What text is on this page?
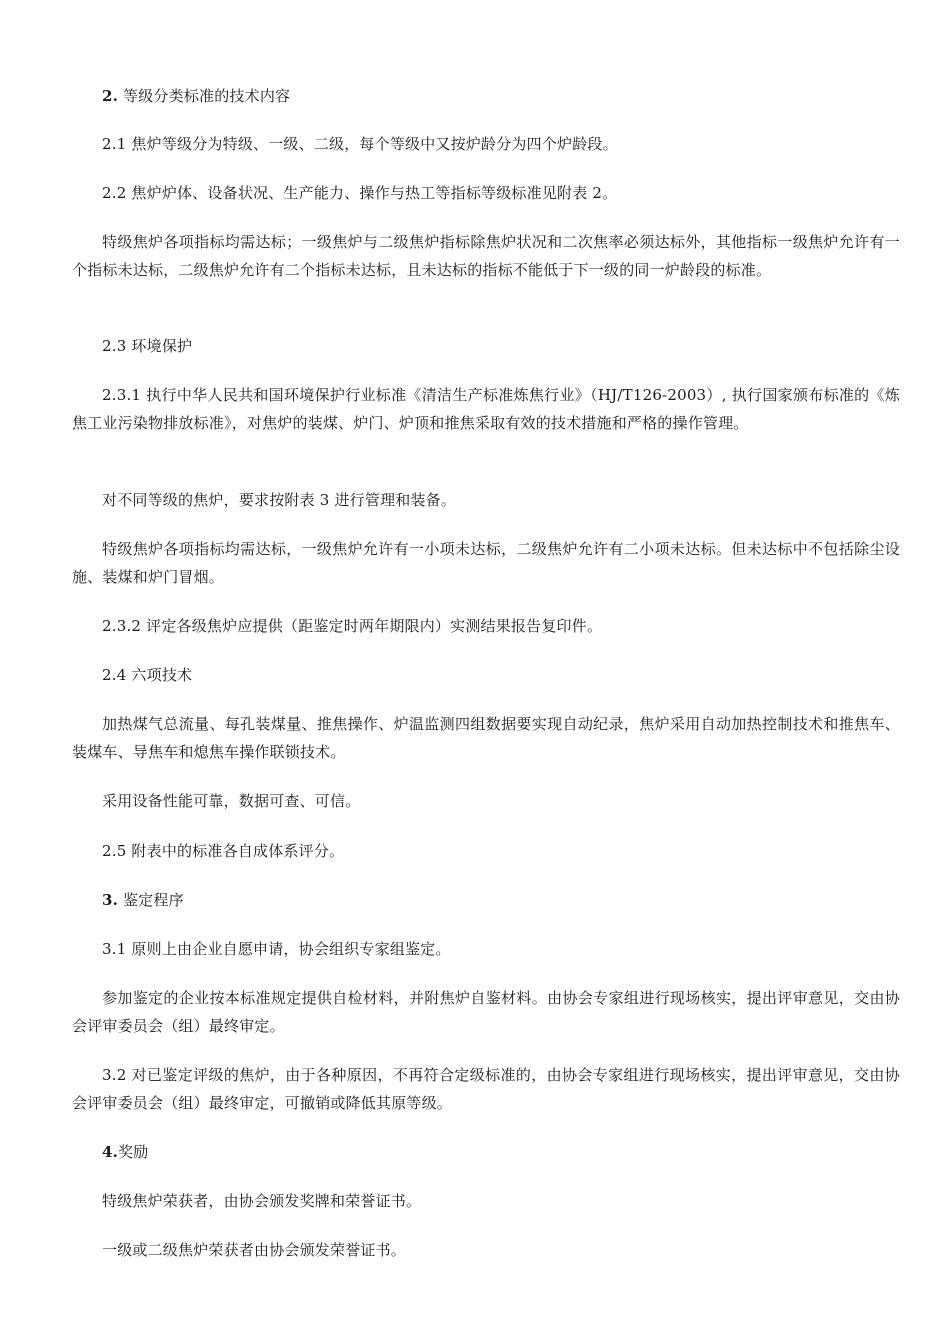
2. 等级分类标准的技术内容

2.1 焦炉等级分为特级、一级、二级，每个等级中又按炉龄分为四个炉龄段。

2.2 焦炉炉体、设备状况、生产能力、操作与热工等指标等级标准见附表 2。

特级焦炉各项指标均需达标；一级焦炉与二级焦炉指标除焦炉状况和二次焦率必须达标外，其他指标一级焦炉允许有一个指标未达标，二级焦炉允许有二个指标未达标，且未达标的指标不能低于下一级的同一炉龄段的标准。

2.3 环境保护

2.3.1 执行中华人民共和国环境保护行业标准《清洁生产标准炼焦行业》（HJ/T126-2003）, 执行国家颁布标准的《炼焦工业污染物排放标准》，对焦炉的装煤、炉门、炉顶和推焦采取有效的技术措施和严格的操作管理。

对不同等级的焦炉，要求按附表 3 进行管理和装备。

特级焦炉各项指标均需达标，一级焦炉允许有一小项未达标，二级焦炉允许有二小项未达标。但未达标中不包括除尘设施、装煤和炉门冒烟。

2.3.2 评定各级焦炉应提供（距鉴定时两年期限内）实测结果报告复印件。

2.4 六项技术

加热煤气总流量、每孔装煤量、推焦操作、炉温监测四组数据要实现自动纪录，焦炉采用自动加热控制技术和推焦车、装煤车、导焦车和熄焦车操作联锁技术。

采用设备性能可靠，数据可查、可信。

2.5 附表中的标准各自成体系评分。

3. 鉴定程序

3.1 原则上由企业自愿申请，协会组织专家组鉴定。

参加鉴定的企业按本标准规定提供自检材料，并附焦炉自鉴材料。由协会专家组进行现场核实，提出评审意见，交由协会评审委员会（组）最终审定。

3.2 对已鉴定评级的焦炉，由于各种原因，不再符合定级标准的，由协会专家组进行现场核实，提出评审意见，交由协会评审委员会（组）最终审定，可撤销或降低其原等级。

4.奖励

特级焦炉荣获者，由协会颁发奖牌和荣誉证书。

一级或二级焦炉荣获者由协会颁发荣誉证书。
